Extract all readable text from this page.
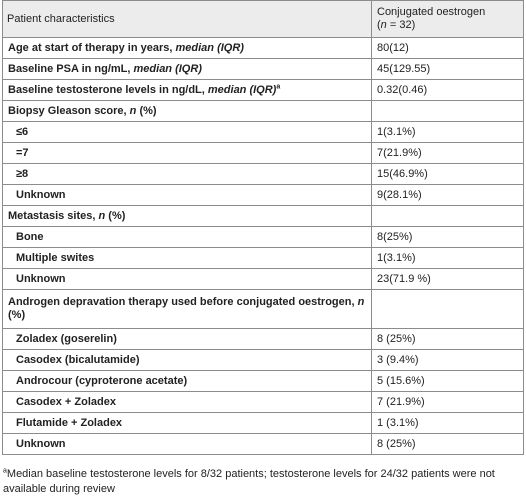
Patient characteristics	Conjugated oestrogen
(n = 32)
Age at start of therapy in years, median (IQR)	80(12)
Baseline PSA in ng/mL, median (IQR)	45(129.55)
Baseline testosterone levels in ng/dL, median (IQR)$^a$	0.32(0.46)
Biopsy Gleason score, n (%)	
≤6	1(3.1%)
=7	7(21.9%)
≥8	15(46.9%)
Unknown	9(28.1%)
Metastasis sites, n (%)	
Bone	8(25%)
Multiple swites	1(3.1%)
Unknown	23(71.9 %)
Androgen depravation therapy used before conjugated oestrogen, n (%)	
Zoladex (goserelin)	8 (25%)
Casodex (bicalutamide)	3 (9.4%)
Androcour (cyproterone acetate)	5 (15.6%)
Casodex + Zoladex	7 (21.9%)
Flutamide + Zoladex	1 (3.1%)
Unknown	8 (25%)
$^a$Median baseline testosterone levels for 8/32 patients; testosterone levels for 24/32 patients were not available during review
